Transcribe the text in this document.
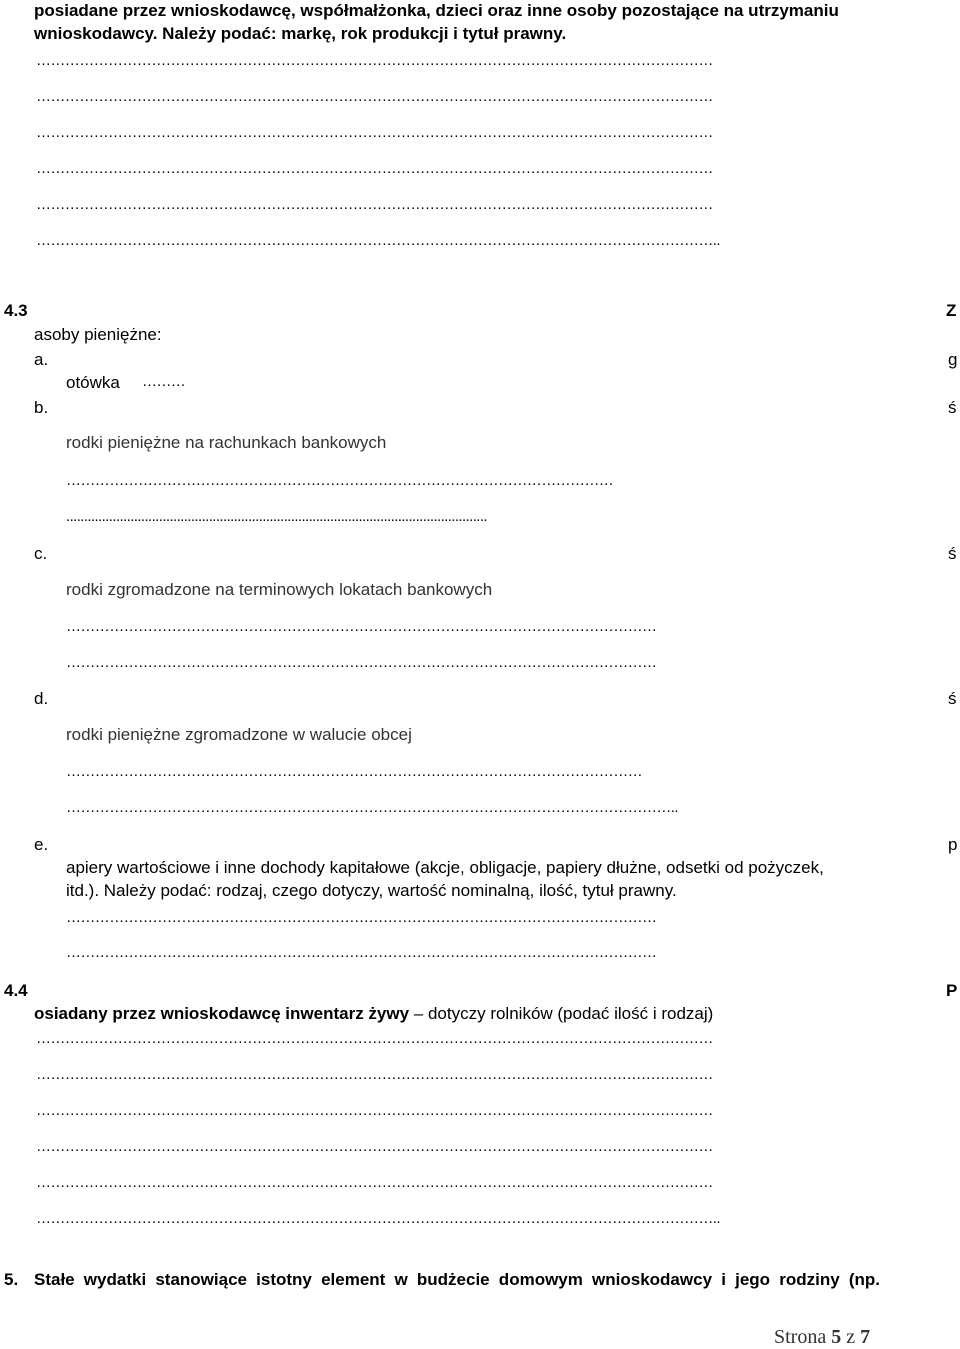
posiadane przez wnioskodawcę, współmałżonka, dzieci oraz inne osoby pozostające na utrzymaniu
wnioskodawcy. Należy podać: markę, rok produkcji i tytuł prawny.
……………………………………………………………………………………………………………………………
……………………………………………………………………………………………………………………………
……………………………………………………………………………………………………………………………
……………………………………………………………………………………………………………………………
……………………………………………………………………………………………………………………………
……………………………………………………………………………………………………………………………..
4.3	Z
asoby pieniężne:
a.	g
otówka ………
b.	ś
rodki pieniężne na rachunkach bankowych
……………………………………………………………………………………………………
......................................................................................................................
c.	ś
rodki zgromadzone na terminowych lokatach bankowych
……………………………………………………………………………………………………………
……………………………………………………………………………………………………………
d.	ś
rodki pieniężne zgromadzone w walucie obcej
…………………………………………………………………………………………………………
………………………………………………………………………………………………………………..
e.	p
apiery wartościowe i inne dochody kapitałowe (akcje, obligacje, papiery dłużne, odsetki od pożyczek,
itd.). Należy podać: rodzaj, czego dotyczy, wartość nominalną, ilość, tytuł prawny.
……………………………………………………………………………………………………………
……………………………………………………………………………………………………………
4.4	P
osiadany przez wnioskodawcę inwentarz żywy – dotyczy rolników (podać ilość i rodzaj)
……………………………………………………………………………………………………………………………
……………………………………………………………………………………………………………………………
……………………………………………………………………………………………………………………………
……………………………………………………………………………………………………………………………
……………………………………………………………………………………………………………………………
……………………………………………………………………………………………………………………………..
5. Stałe wydatki stanowiące istotny element w budżecie domowym wnioskodawcy i jego rodziny (np.
Strona 5 z 7
